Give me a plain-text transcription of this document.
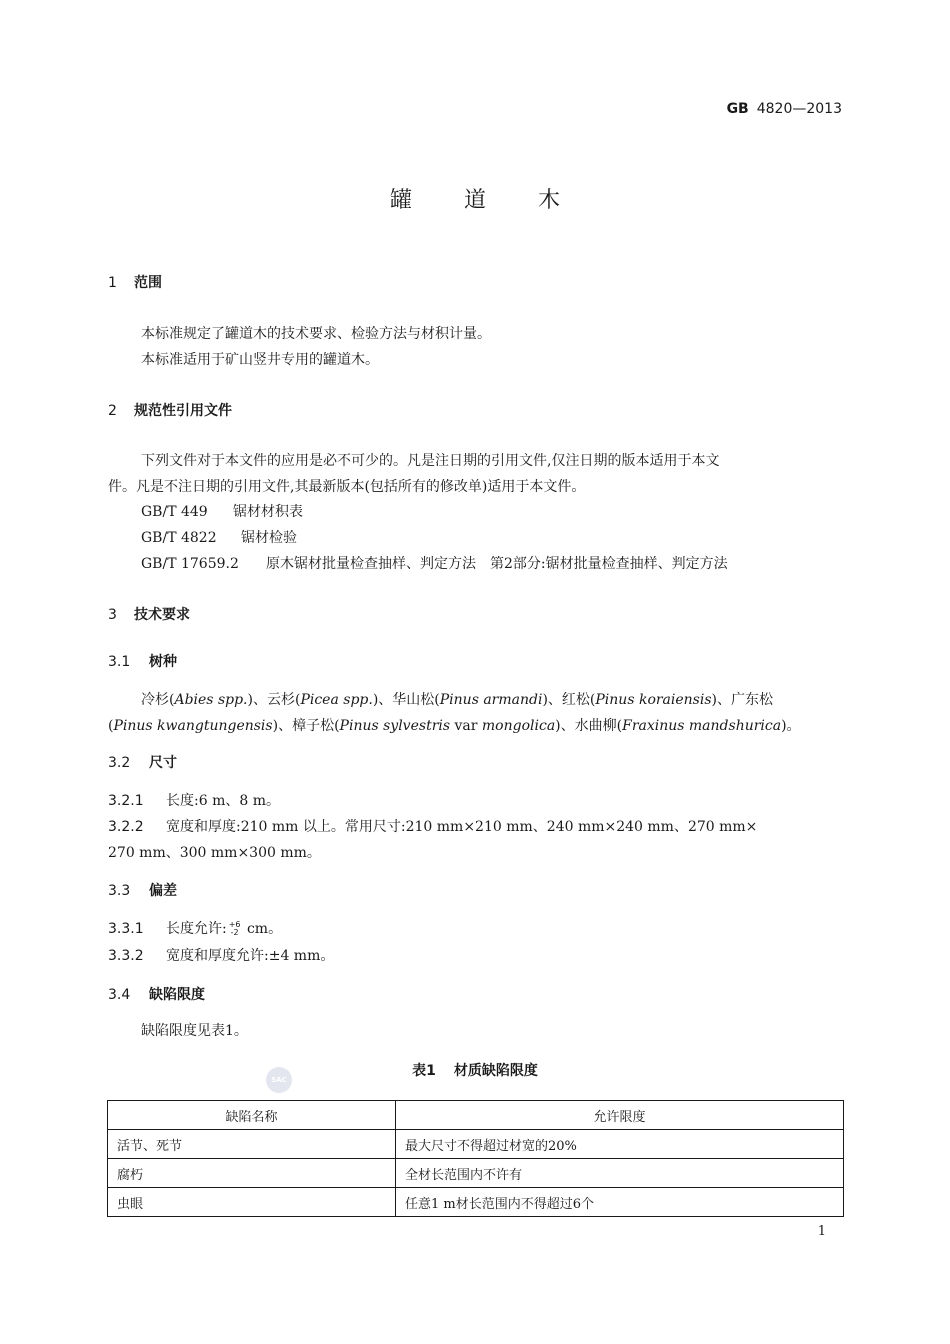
GB 4820—2013
罐道木
1 范围
本标准规定了罐道木的技术要求、检验方法与材积计量。
本标准适用于矿山竖井专用的罐道木。
2 规范性引用文件
下列文件对于本文件的应用是必不可少的。凡是注日期的引用文件,仅注日期的版本适用于本文
件。凡是不注日期的引用文件,其最新版本(包括所有的修改单)适用于本文件。
GB/T 449 锯材材积表
GB/T 4822 锯材检验
GB/T 17659.2 原木锯材批量检查抽样、判定方法　第2部分:锯材批量检查抽样、判定方法
3 技术要求
3.1 树种
冷杉(Abies spp.)、云杉(Picea spp.)、华山松(Pinus armandi)、红松(Pinus koraiensis)、广东松
(Pinus kwangtungensis)、樟子松(Pinus sylvestris var mongolica)、水曲柳(Fraxinus mandshurica)。
3.2 尺寸
3.2.1 长度:6 m、8 m。
3.2.2 宽度和厚度:210 mm 以上。常用尺寸:210 mm×210 mm、240 mm×240 mm、270 mm×
270 mm、300 mm×300 mm。
3.3 偏差
3.3.1 长度允许: +6
-2 cm。
3.3.2 宽度和厚度允许:±4 mm。
3.4 缺陷限度
缺陷限度见表1。
表1 材质缺陷限度
SAC
缺陷名称	允许限度
活节、死节	最大尺寸不得超过材宽的20%
腐朽	全材长范围内不许有
虫眼	任意1 m材长范围内不得超过6个
1
